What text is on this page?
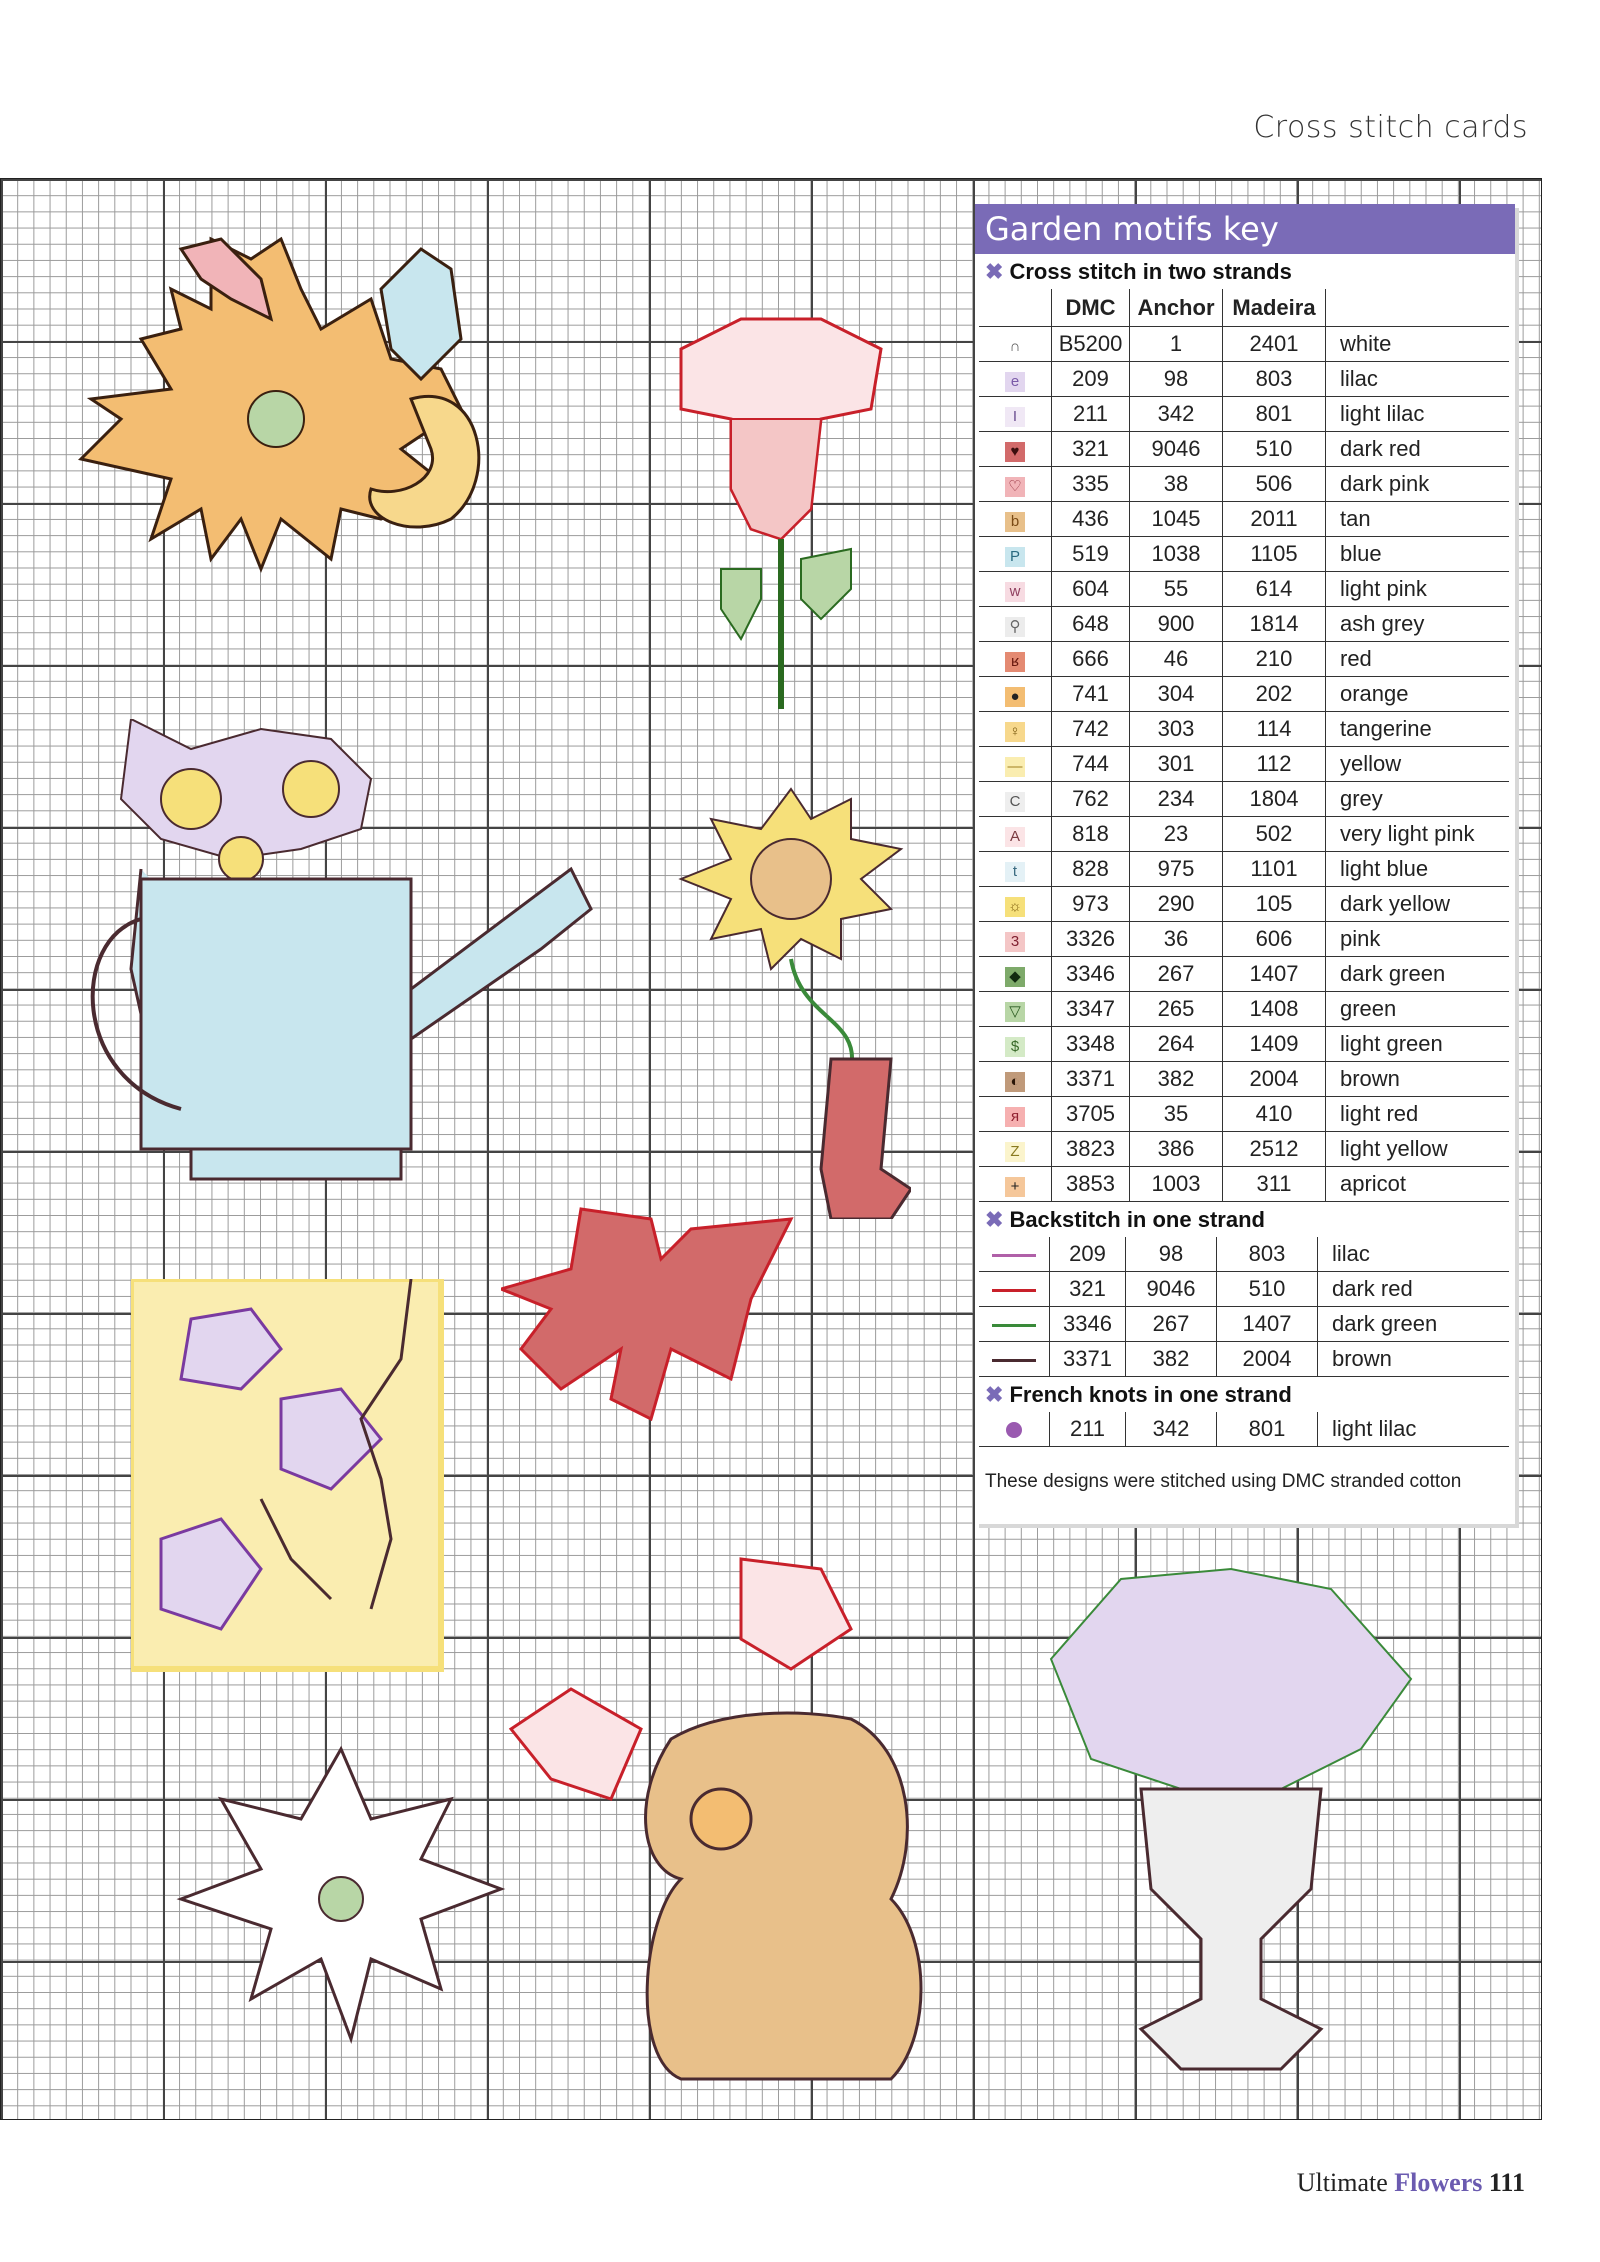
Cross stitch cards
Garden motifs key
✖ Cross stitch in two strands
	DMC	Anchor	Madeira	
∩	B5200	1	2401	white
e	209	98	803	lilac
I	211	342	801	light lilac
♥	321	9046	510	dark red
♡	335	38	506	dark pink
b	436	1045	2011	tan
P	519	1038	1105	blue
w	604	55	614	light pink
⚲	648	900	1814	ash grey
ʁ	666	46	210	red
●	741	304	202	orange
♀	742	303	114	tangerine
—	744	301	112	yellow
C	762	234	1804	grey
A	818	23	502	very light pink
t	828	975	1101	light blue
☼	973	290	105	dark yellow
3	3326	36	606	pink
◆	3346	267	1407	dark green
▽	3347	265	1408	green
$	3348	264	1409	light green
◐	3371	382	2004	brown
я	3705	35	410	light red
Z	3823	386	2512	light yellow
+	3853	1003	311	apricot
✖ Backstitch in one strand
	209	98	803	lilac
	321	9046	510	dark red
	3346	267	1407	dark green
	3371	382	2004	brown
✖ French knots in one strand
	211	342	801	light lilac
These designs were stitched using DMC stranded cotton
Ultimate Flowers 111
